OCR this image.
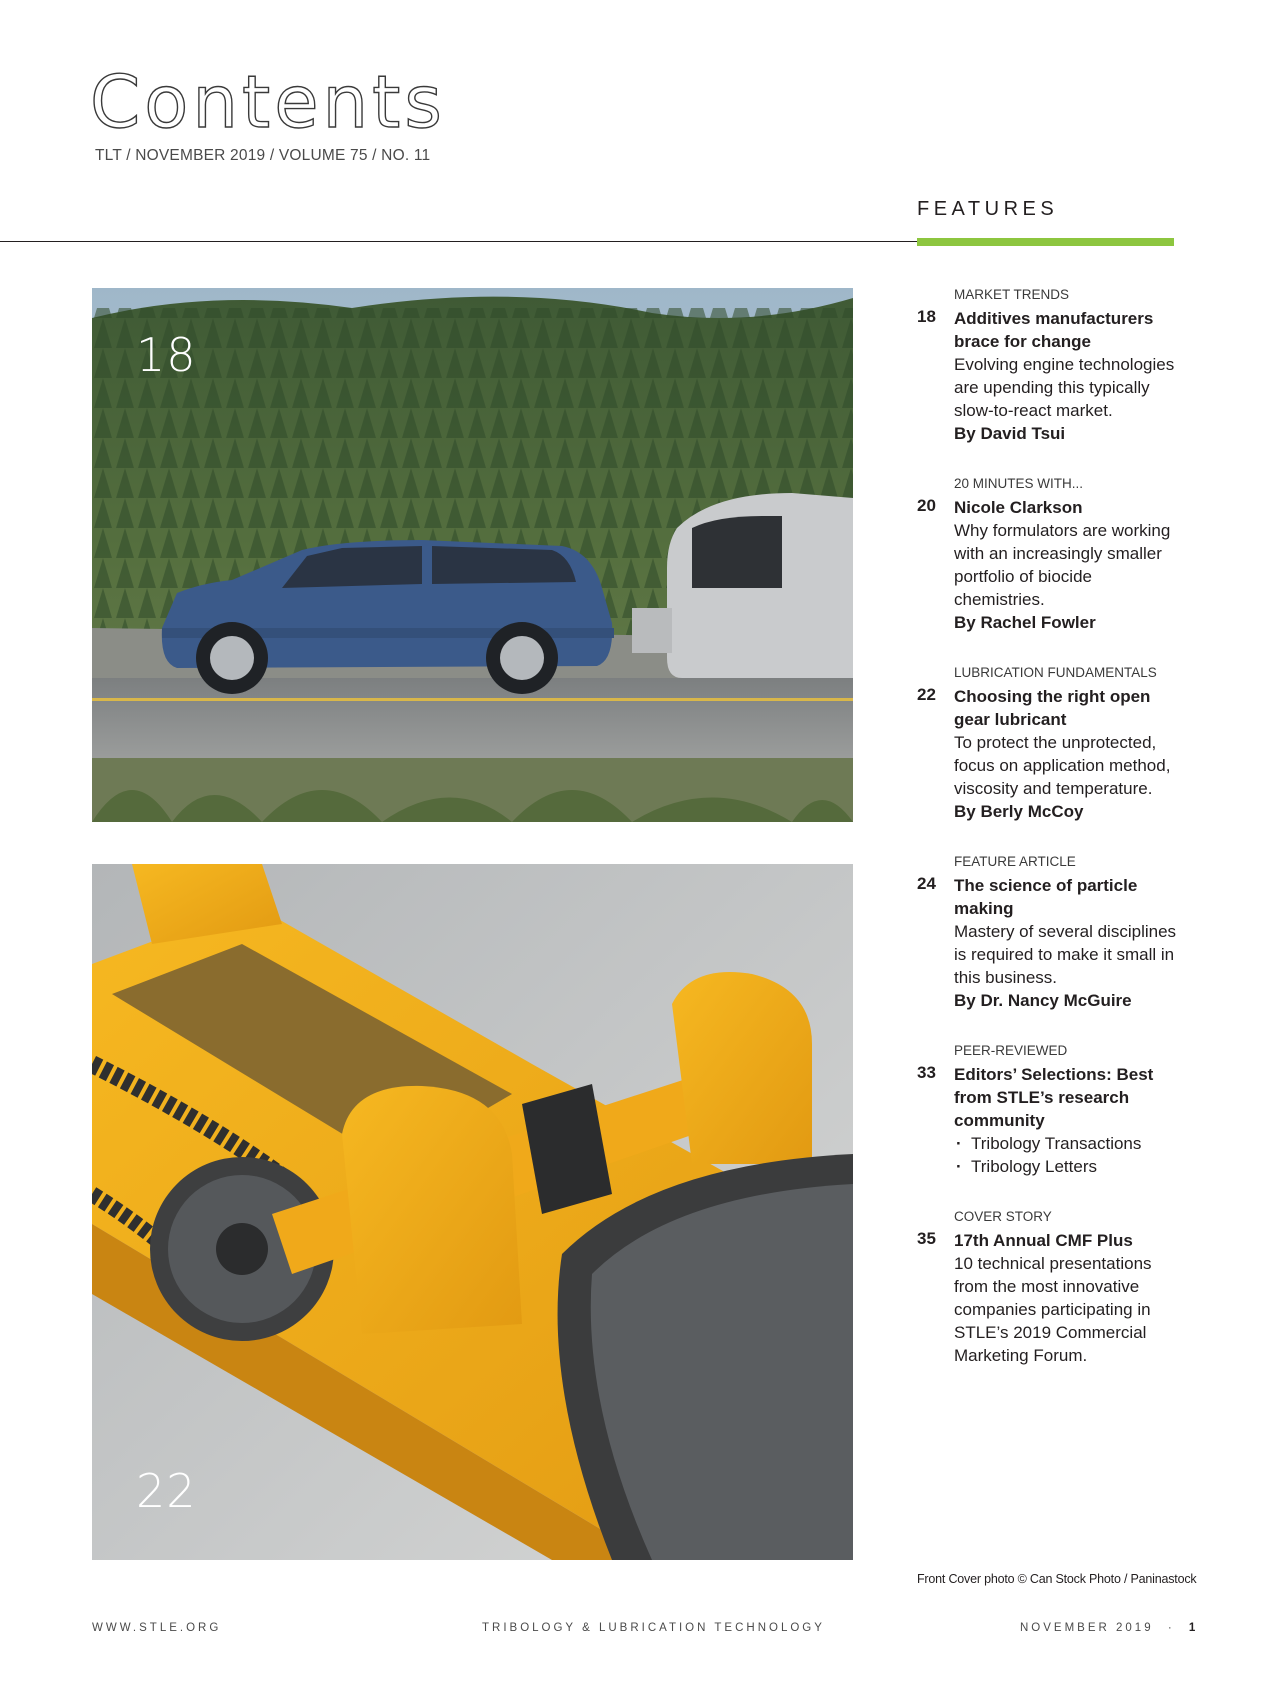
Contents
TLT / NOVEMBER 2019 / VOLUME 75 / NO. 11
FEATURES
18
22
MARKET TRENDS
18 Additives manufacturers brace for change
Evolving engine technologies are upending this typically slow-to-react market.
By David Tsui
20 MINUTES WITH...
20 Nicole Clarkson
Why formulators are working with an increasingly smaller portfolio of biocide chemistries.
By Rachel Fowler
LUBRICATION FUNDAMENTALS
22 Choosing the right open gear lubricant
To protect the unprotected, focus on application method, viscosity and temperature.
By Berly McCoy
FEATURE ARTICLE
24 The science of particle making
Mastery of several disciplines is required to make it small in this business.
By Dr. Nancy McGuire
PEER-REVIEWED
33 Editors’ Selections: Best from STLE’s research community
· Tribology Transactions
· Tribology Letters
COVER STORY
35 17th Annual CMF Plus
10 technical presentations from the most innovative companies participating in STLE’s 2019 Commercial Marketing Forum.
Front Cover photo © Can Stock Photo / Paninastock
WWW.STLE.ORG	TRIBOLOGY & LUBRICATION TECHNOLOGY	NOVEMBER 2019 · 1
